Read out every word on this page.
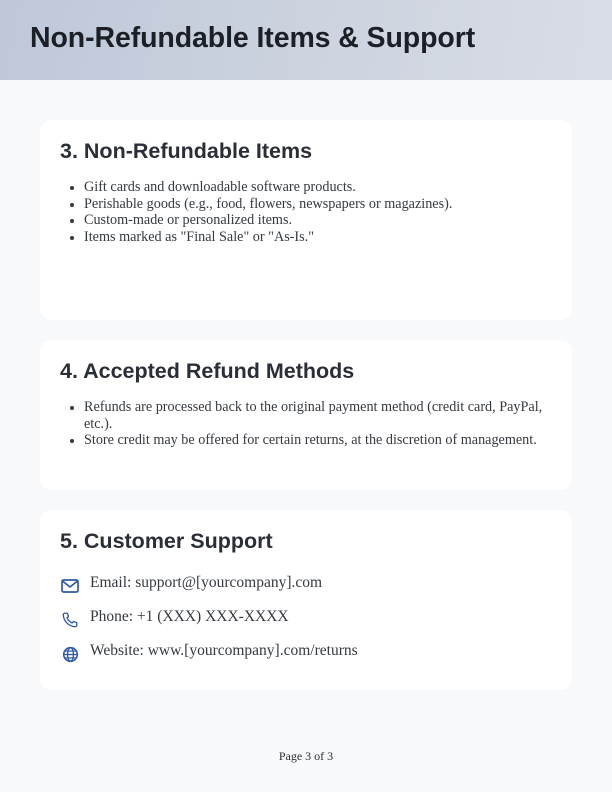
Non-Refundable Items & Support
3. Non-Refundable Items
• Gift cards and downloadable software products.
• Perishable goods (e.g., food, flowers, newspapers or magazines).
• Custom-made or personalized items.
• Items marked as "Final Sale" or "As-Is."
4. Accepted Refund Methods
• Refunds are processed back to the original payment method (credit card, PayPal, etc.).
• Store credit may be offered for certain returns, at the discretion of management.
5. Customer Support
Email: support@[yourcompany].com
Phone: +1 (XXX) XXX-XXXX
Website: www.[yourcompany].com/returns
Page 3 of 3
